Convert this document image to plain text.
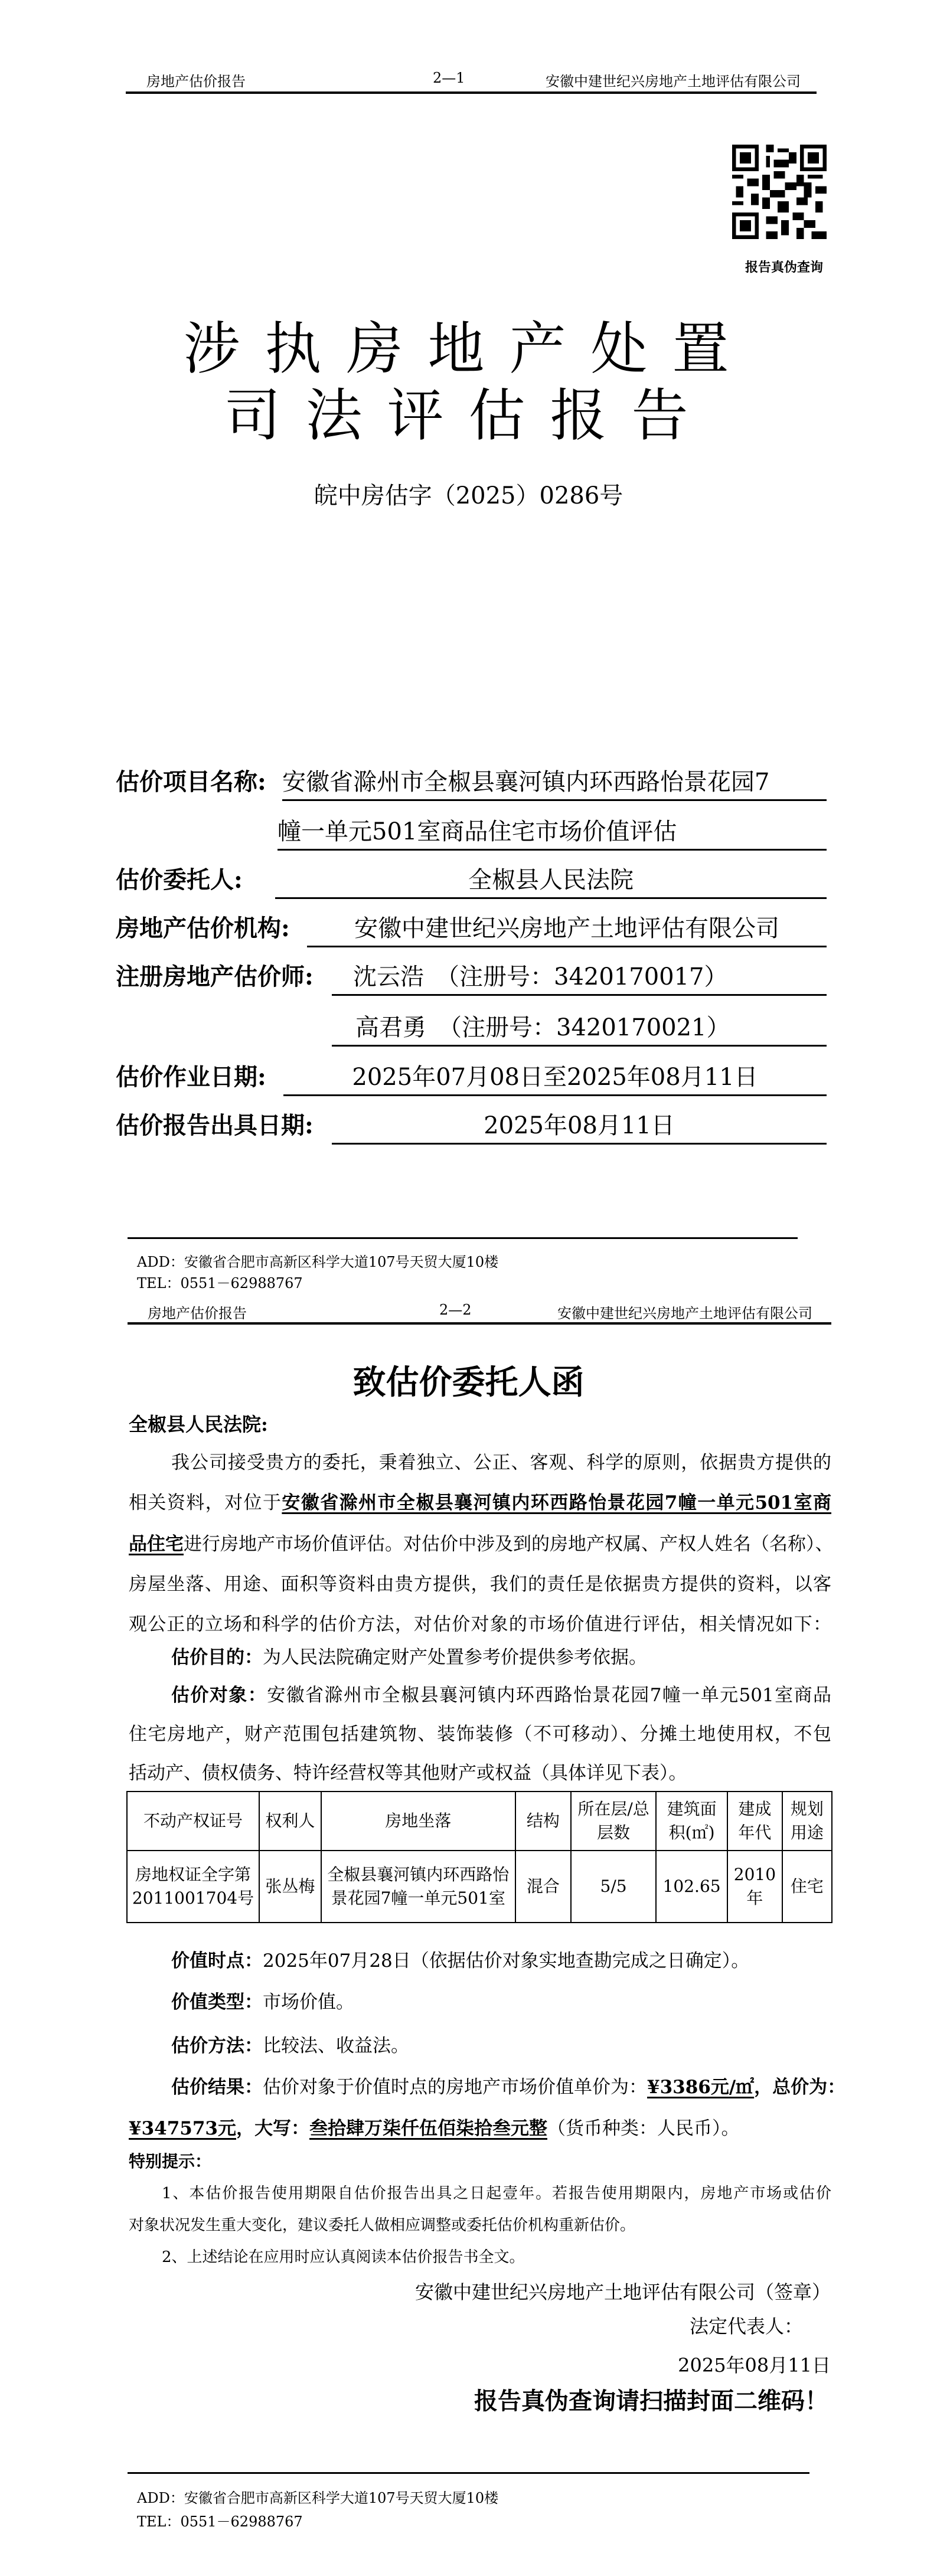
房地产估价报告	2—1	安徽中建世纪兴房地产土地评估有限公司
报告真伪查询
涉执房地产处置
司法评估报告
皖中房估字（2025）0286号
估价项目名称: 安徽省滁州市全椒县襄河镇内环西路怡景花园7
幢一单元501室商品住宅市场价值评估
估价委托人:	全椒县人民法院
房地产估价机构:	安徽中建世纪兴房地产土地评估有限公司
注册房地产估价师:	沈云浩　（注册号：3420170017）
高君勇　（注册号：3420170021）
估价作业日期:	2025年07月08日至2025年08月11日
估价报告出具日期:	2025年08月11日
ADD：安徽省合肥市高新区科学大道107号天贸大厦10楼
TEL：0551－62988767
房地产估价报告	2—2	安徽中建世纪兴房地产土地评估有限公司
致估价委托人函
全椒县人民法院:
我公司接受贵方的委托，秉着独立、公正、客观、科学的原则，依据贵方提供的
相关资料，对位于安徽省滁州市全椒县襄河镇内环西路怡景花园7幢一单元501室商
品住宅进行房地产市场价值评估。对估价中涉及到的房地产权属、产权人姓名（名称）、
房屋坐落、用途、面积等资料由贵方提供，我们的责任是依据贵方提供的资料，以客
观公正的立场和科学的估价方法，对估价对象的市场价值进行评估，相关情况如下：
估价目的：为人民法院确定财产处置参考价提供参考依据。
估价对象：安徽省滁州市全椒县襄河镇内环西路怡景花园7幢一单元501室商品
住宅房地产，财产范围包括建筑物、装饰装修（不可移动）、分摊土地使用权，不包
括动产、债权债务、特许经营权等其他财产或权益（具体详见下表）。
不动产权证号	权利人	房地坐落	结构	所在层/总层数	建筑面积(㎡)	建成年代	规划用途
房地权证全字第2011001704号	张丛梅	全椒县襄河镇内环西路怡景花园7幢一单元501室	混合	5/5	102.65	2010年	住宅
价值时点：2025年07月28日（依据估价对象实地查勘完成之日确定）。
价值类型：市场价值。
估价方法：比较法、收益法。
估价结果：估价对象于价值时点的房地产市场价值单价为：¥3386元/㎡，总价为：
¥347573元，大写：叁拾肆万柒仟伍佰柒拾叁元整（货币种类：人民币）。
特别提示：
1、本估价报告使用期限自估价报告出具之日起壹年。若报告使用期限内，房地产市场或估价
对象状况发生重大变化，建议委托人做相应调整或委托估价机构重新估价。
2、上述结论在应用时应认真阅读本估价报告书全文。
安徽中建世纪兴房地产土地评估有限公司（签章）
法定代表人：
2025年08月11日
报告真伪查询请扫描封面二维码！
ADD：安徽省合肥市高新区科学大道107号天贸大厦10楼
TEL：0551－62988767
